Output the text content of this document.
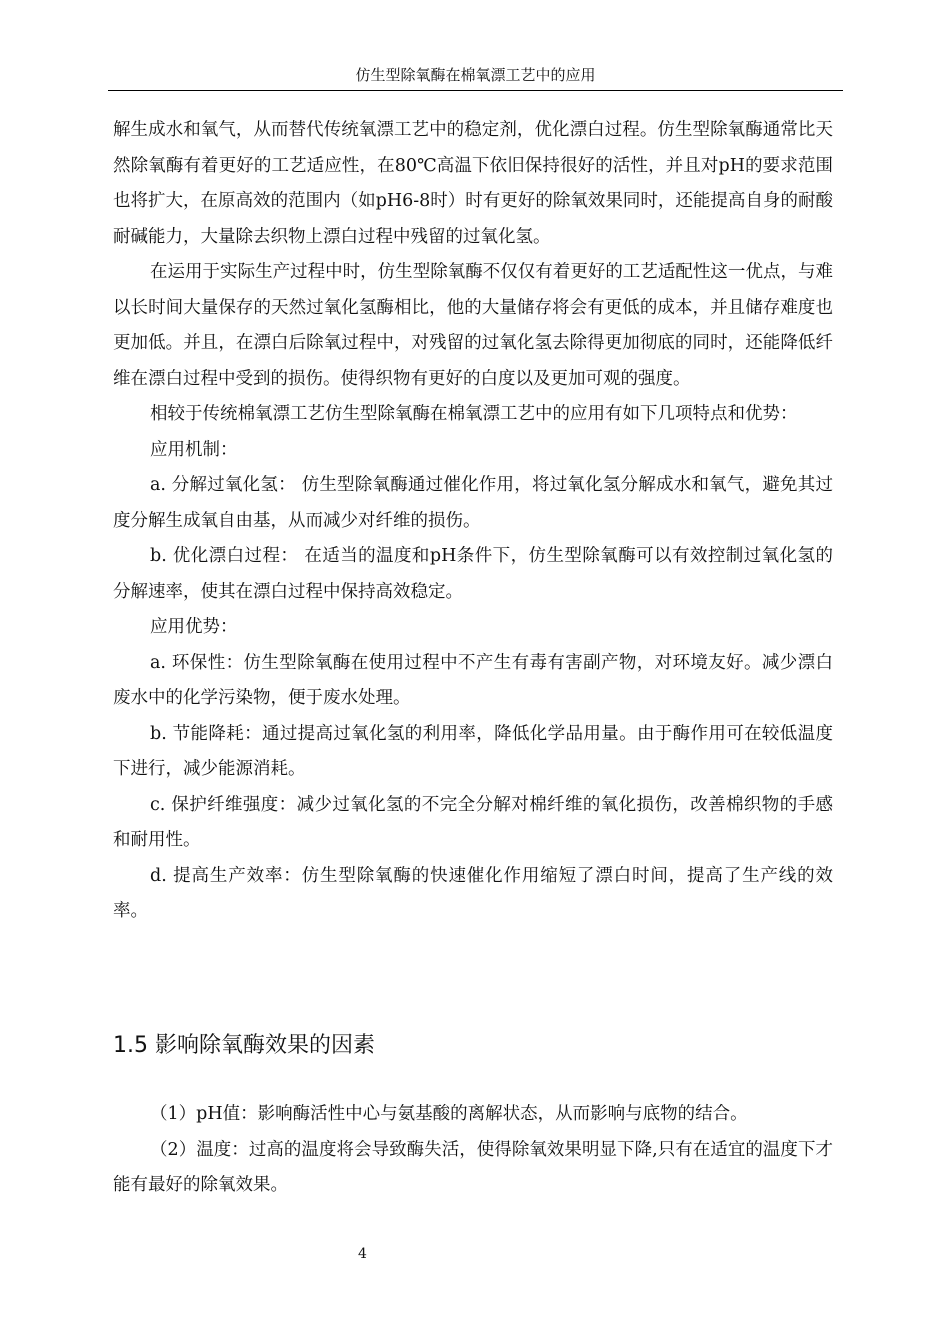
仿生型除氧酶在棉氧漂工艺中的应用

解生成水和氧气，从而替代传统氧漂工艺中的稳定剂，优化漂白过程。仿生型除氧酶通常比天然除氧酶有着更好的工艺适应性，在80℃高温下依旧保持很好的活性，并且对pH的要求范围也将扩大，在原高效的范围内（如pH6-8时）时有更好的除氧效果同时，还能提高自身的耐酸耐碱能力，大量除去织物上漂白过程中残留的过氧化氢。

在运用于实际生产过程中时，仿生型除氧酶不仅仅有着更好的工艺适配性这一优点，与难以长时间大量保存的天然过氧化氢酶相比，他的大量储存将会有更低的成本，并且储存难度也更加低。并且，在漂白后除氧过程中，对残留的过氧化氢去除得更加彻底的同时，还能降低纤维在漂白过程中受到的损伤。使得织物有更好的白度以及更加可观的强度。

相较于传统棉氧漂工艺仿生型除氧酶在棉氧漂工艺中的应用有如下几项特点和优势：

应用机制：

a. 分解过氧化氢： 仿生型除氧酶通过催化作用，将过氧化氢分解成水和氧气，避免其过度分解生成氧自由基，从而减少对纤维的损伤。

b. 优化漂白过程： 在适当的温度和pH条件下，仿生型除氧酶可以有效控制过氧化氢的分解速率，使其在漂白过程中保持高效稳定。

应用优势：

a. 环保性：仿生型除氧酶在使用过程中不产生有毒有害副产物，对环境友好。减少漂白废水中的化学污染物，便于废水处理。

b. 节能降耗：通过提高过氧化氢的利用率，降低化学品用量。由于酶作用可在较低温度下进行，减少能源消耗。

c. 保护纤维强度：减少过氧化氢的不完全分解对棉纤维的氧化损伤，改善棉织物的手感和耐用性。

d. 提高生产效率：仿生型除氧酶的快速催化作用缩短了漂白时间，提高了生产线的效率。

1.5 影响除氧酶效果的因素

（1）pH值：影响酶活性中心与氨基酸的离解状态，从而影响与底物的结合。

（2）温度：过高的温度将会导致酶失活，使得除氧效果明显下降,只有在适宜的温度下才能有最好的除氧效果。

4
